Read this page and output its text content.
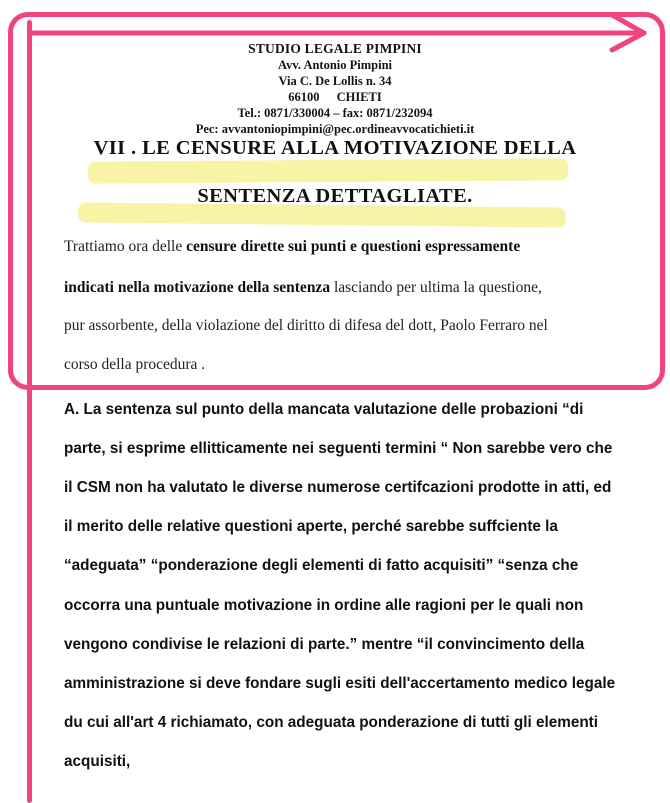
STUDIO LEGALE PIMPINI
Avv. Antonio Pimpini
Via C. De Lollis n. 34
66100 CHIETI
Tel.: 0871/330004 – fax: 0871/232094
Pec: avvantoniopimpini@pec.ordineavvocatichieti.it
VII . LE CENSURE ALLA MOTIVAZIONE DELLA
SENTENZA DETTAGLIATE.
Trattiamo ora delle censure dirette sui punti e questioni espressamente
indicati nella motivazione della sentenza lasciando per ultima la questione,
pur assorbente, della violazione del diritto di difesa del dott, Paolo Ferraro nel
corso della procedura .
A. La sentenza sul punto della mancata valutazione delle probazioni “di
parte, si esprime ellitticamente nei seguenti termini “ Non sarebbe vero che
il CSM non ha valutato le diverse numerose certifcazioni prodotte in atti, ed
il merito delle relative questioni aperte, perché sarebbe suffciente la
“adeguata” “ponderazione degli elementi di fatto acquisiti” “senza che
occorra una puntuale motivazione in ordine alle ragioni per le quali non
vengono condivise le relazioni di parte.” mentre “il convincimento della
amministrazione si deve fondare sugli esiti dell'accertamento medico legale
du cui all'art 4 richiamato, con adeguata ponderazione di tutti gli elementi
acquisiti,
